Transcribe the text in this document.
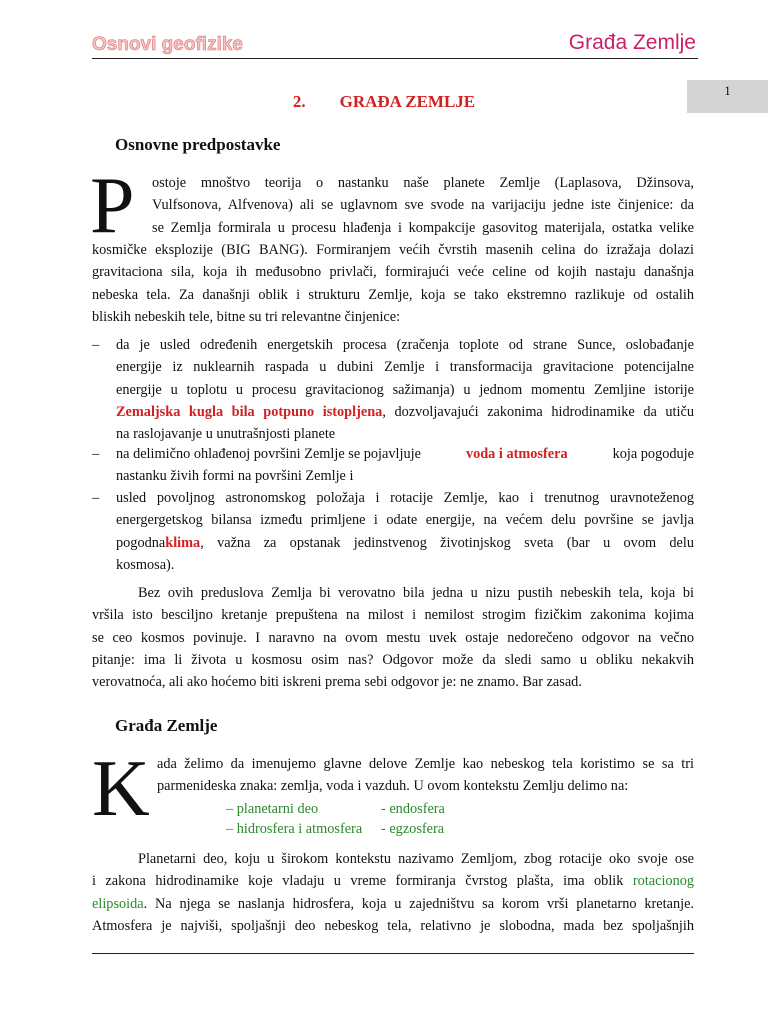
Osnovi geofizike	Građa Zemlje
1
2. GRAĐA ZEMLJE
Osnovne predpostavke
P ostoje mnoštvo teorija o nastanku naše planete Zemlje (Laplasova, Džinsova,
Vulfsonova, Alfvenova) ali se uglavnom sve svode na varijaciju jedne iste činjenice: da
se Zemlja formirala u procesu hlađenja i kompakcije gasovitog materijala, ostatka velike
kosmičke eksplozije (BIG BANG). Formiranjem većih čvrstih masenih celina do izražaja dolazi
gravitaciona sila, koja ih međusobno privlači, formirajući veće celine od kojih nastaju današnja
nebeska tela. Za današnji oblik i strukturu Zemlje, koja se tako ekstremno razlikuje od ostalih
bliskih nebeskih tele, bitne su tri relevantne činjenice:
– da je usled određenih energetskih procesa (zračenja toplote od strane Sunce, oslobađanje
energije iz nuklearnih raspada u dubini Zemlje i transformacija gravitacione potencijalne
energije u toplotu u procesu gravitacionog sažimanja) u jednom momentu Zemljine istorije
Zemaljska kugla bila potpuno istopljena, dozvoljavajući zakonima hidrodinamike da utiču
na raslojavanje u unutrašnjosti planete
– na delimično ohlađenoj površini Zemlje se pojavljuje	voda i atmosfera	koja pogoduje
nastanku živih formi na površini Zemlje i
– usled povoljnog astronomskog položaja i rotacije Zemlje, kao i trenutnog uravnoteženog
energergetskog bilansa između primljene i odate energije, na većem delu površine se javlja
pogodna klima , važna za opstanak jedinstvenog životinjskog sveta (bar u ovom delu
kosmosa).
Bez ovih preduslova Zemlja bi verovatno bila jedna u nizu pustih nebeskih tela, koja bi
vršila isto besciljno kretanje prepuštena na milost i nemilost strogim fizičkim zakonima kojima
se ceo kosmos povinuje. I naravno na ovom mestu uvek ostaje nedorečeno odgovor na večno
pitanje: ima li života u kosmosu osim nas? Odgovor može da sledi samo u obliku nekakvih
verovatnoća, ali ako hoćemo biti iskreni prema sebi odgovor je: ne znamo. Bar zasad.
Građa Zemlje
K ada želimo da imenujemo glavne delove Zemlje kao nebeskog tela koristimo se sa tri
parmenideska znaka: zemlja, voda i vazduh. U ovom kontekstu Zemlju delimo na:
– planetarni deo	- endosfera
– hidrosfera i atmosfera	- egzosfera
Planetarni deo, koju u širokom kontekstu nazivamo Zemljom, zbog rotacije oko svoje ose
i zakona hidrodinamike koje vladaju u vreme formiranja čvrstog plašta, ima oblik rotacionog
elipsoida. Na njega se naslanja hidrosfera, koja u zajedništvu sa korom vrši planetarno kretanje.
Atmosfera je najviši, spoljašnji deo nebeskog tela, relativno je slobodna, mada bez spoljašnjih
